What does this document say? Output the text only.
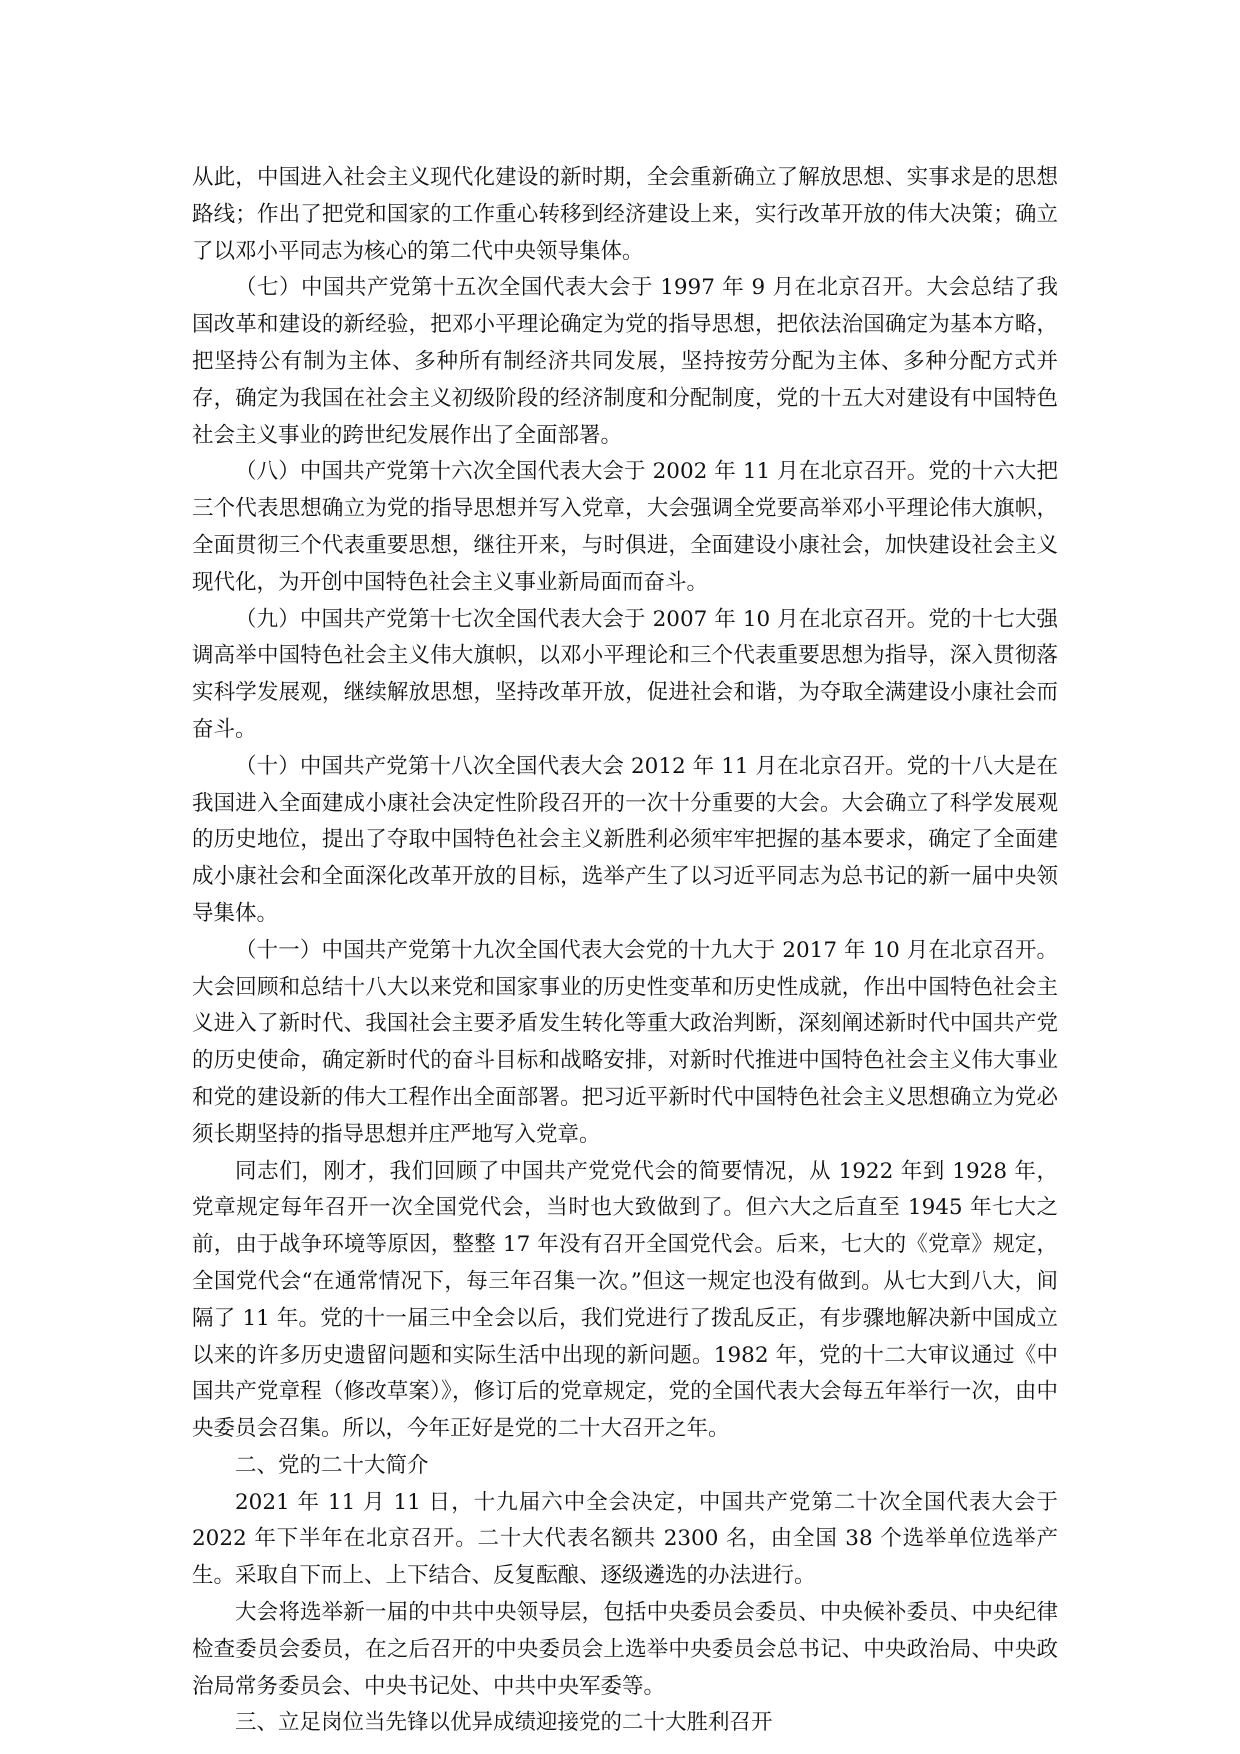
从此，中国进入社会主义现代化建设的新时期，全会重新确立了解放思想、实事求是的思想路线；作出了把党和国家的工作重心转移到经济建设上来，实行改革开放的伟大决策；确立了以邓小平同志为核心的第二代中央领导集体。

（七）中国共产党第十五次全国代表大会于 1997 年 9 月在北京召开。大会总结了我国改革和建设的新经验，把邓小平理论确定为党的指导思想，把依法治国确定为基本方略，把坚持公有制为主体、多种所有制经济共同发展，坚持按劳分配为主体、多种分配方式并存，确定为我国在社会主义初级阶段的经济制度和分配制度，党的十五大对建设有中国特色社会主义事业的跨世纪发展作出了全面部署。

（八）中国共产党第十六次全国代表大会于 2002 年 11 月在北京召开。党的十六大把三个代表思想确立为党的指导思想并写入党章，大会强调全党要高举邓小平理论伟大旗帜，全面贯彻三个代表重要思想，继往开来，与时俱进，全面建设小康社会，加快建设社会主义现代化，为开创中国特色社会主义事业新局面而奋斗。

（九）中国共产党第十七次全国代表大会于 2007 年 10 月在北京召开。党的十七大强调高举中国特色社会主义伟大旗帜，以邓小平理论和三个代表重要思想为指导，深入贯彻落实科学发展观，继续解放思想，坚持改革开放，促进社会和谐，为夺取全满建设小康社会而奋斗。

（十）中国共产党第十八次全国代表大会 2012 年 11 月在北京召开。党的十八大是在我国进入全面建成小康社会决定性阶段召开的一次十分重要的大会。大会确立了科学发展观的历史地位，提出了夺取中国特色社会主义新胜利必须牢牢把握的基本要求，确定了全面建成小康社会和全面深化改革开放的目标，选举产生了以习近平同志为总书记的新一届中央领导集体。

（十一）中国共产党第十九次全国代表大会党的十九大于 2017 年 10 月在北京召开。大会回顾和总结十八大以来党和国家事业的历史性变革和历史性成就，作出中国特色社会主义进入了新时代、我国社会主要矛盾发生转化等重大政治判断，深刻阐述新时代中国共产党的历史使命，确定新时代的奋斗目标和战略安排，对新时代推进中国特色社会主义伟大事业和党的建设新的伟大工程作出全面部署。把习近平新时代中国特色社会主义思想确立为党必须长期坚持的指导思想并庄严地写入党章。

同志们，刚才，我们回顾了中国共产党党代会的简要情况，从 1922 年到 1928 年，党章规定每年召开一次全国党代会，当时也大致做到了。但六大之后直至 1945 年七大之前，由于战争环境等原因，整整 17 年没有召开全国党代会。后来，七大的《党章》规定，全国党代会“在通常情况下，每三年召集一次。”但这一规定也没有做到。从七大到八大，间隔了 11 年。党的十一届三中全会以后，我们党进行了拨乱反正，有步骤地解决新中国成立以来的许多历史遗留问题和实际生活中出现的新问题。1982 年，党的十二大审议通过《中国共产党章程（修改草案）》，修订后的党章规定，党的全国代表大会每五年举行一次，由中央委员会召集。所以，今年正好是党的二十大召开之年。

二、党的二十大简介

2021 年 11 月 11 日，十九届六中全会决定，中国共产党第二十次全国代表大会于 2022 年下半年在北京召开。二十大代表名额共 2300 名，由全国 38 个选举单位选举产生。采取自下而上、上下结合、反复酝酿、逐级遴选的办法进行。

大会将选举新一届的中共中央领导层，包括中央委员会委员、中央候补委员、中央纪律检查委员会委员，在之后召开的中央委员会上选举中央委员会总书记、中央政治局、中央政治局常务委员会、中央书记处、中共中央军委等。

三、立足岗位当先锋以优异成绩迎接党的二十大胜利召开
